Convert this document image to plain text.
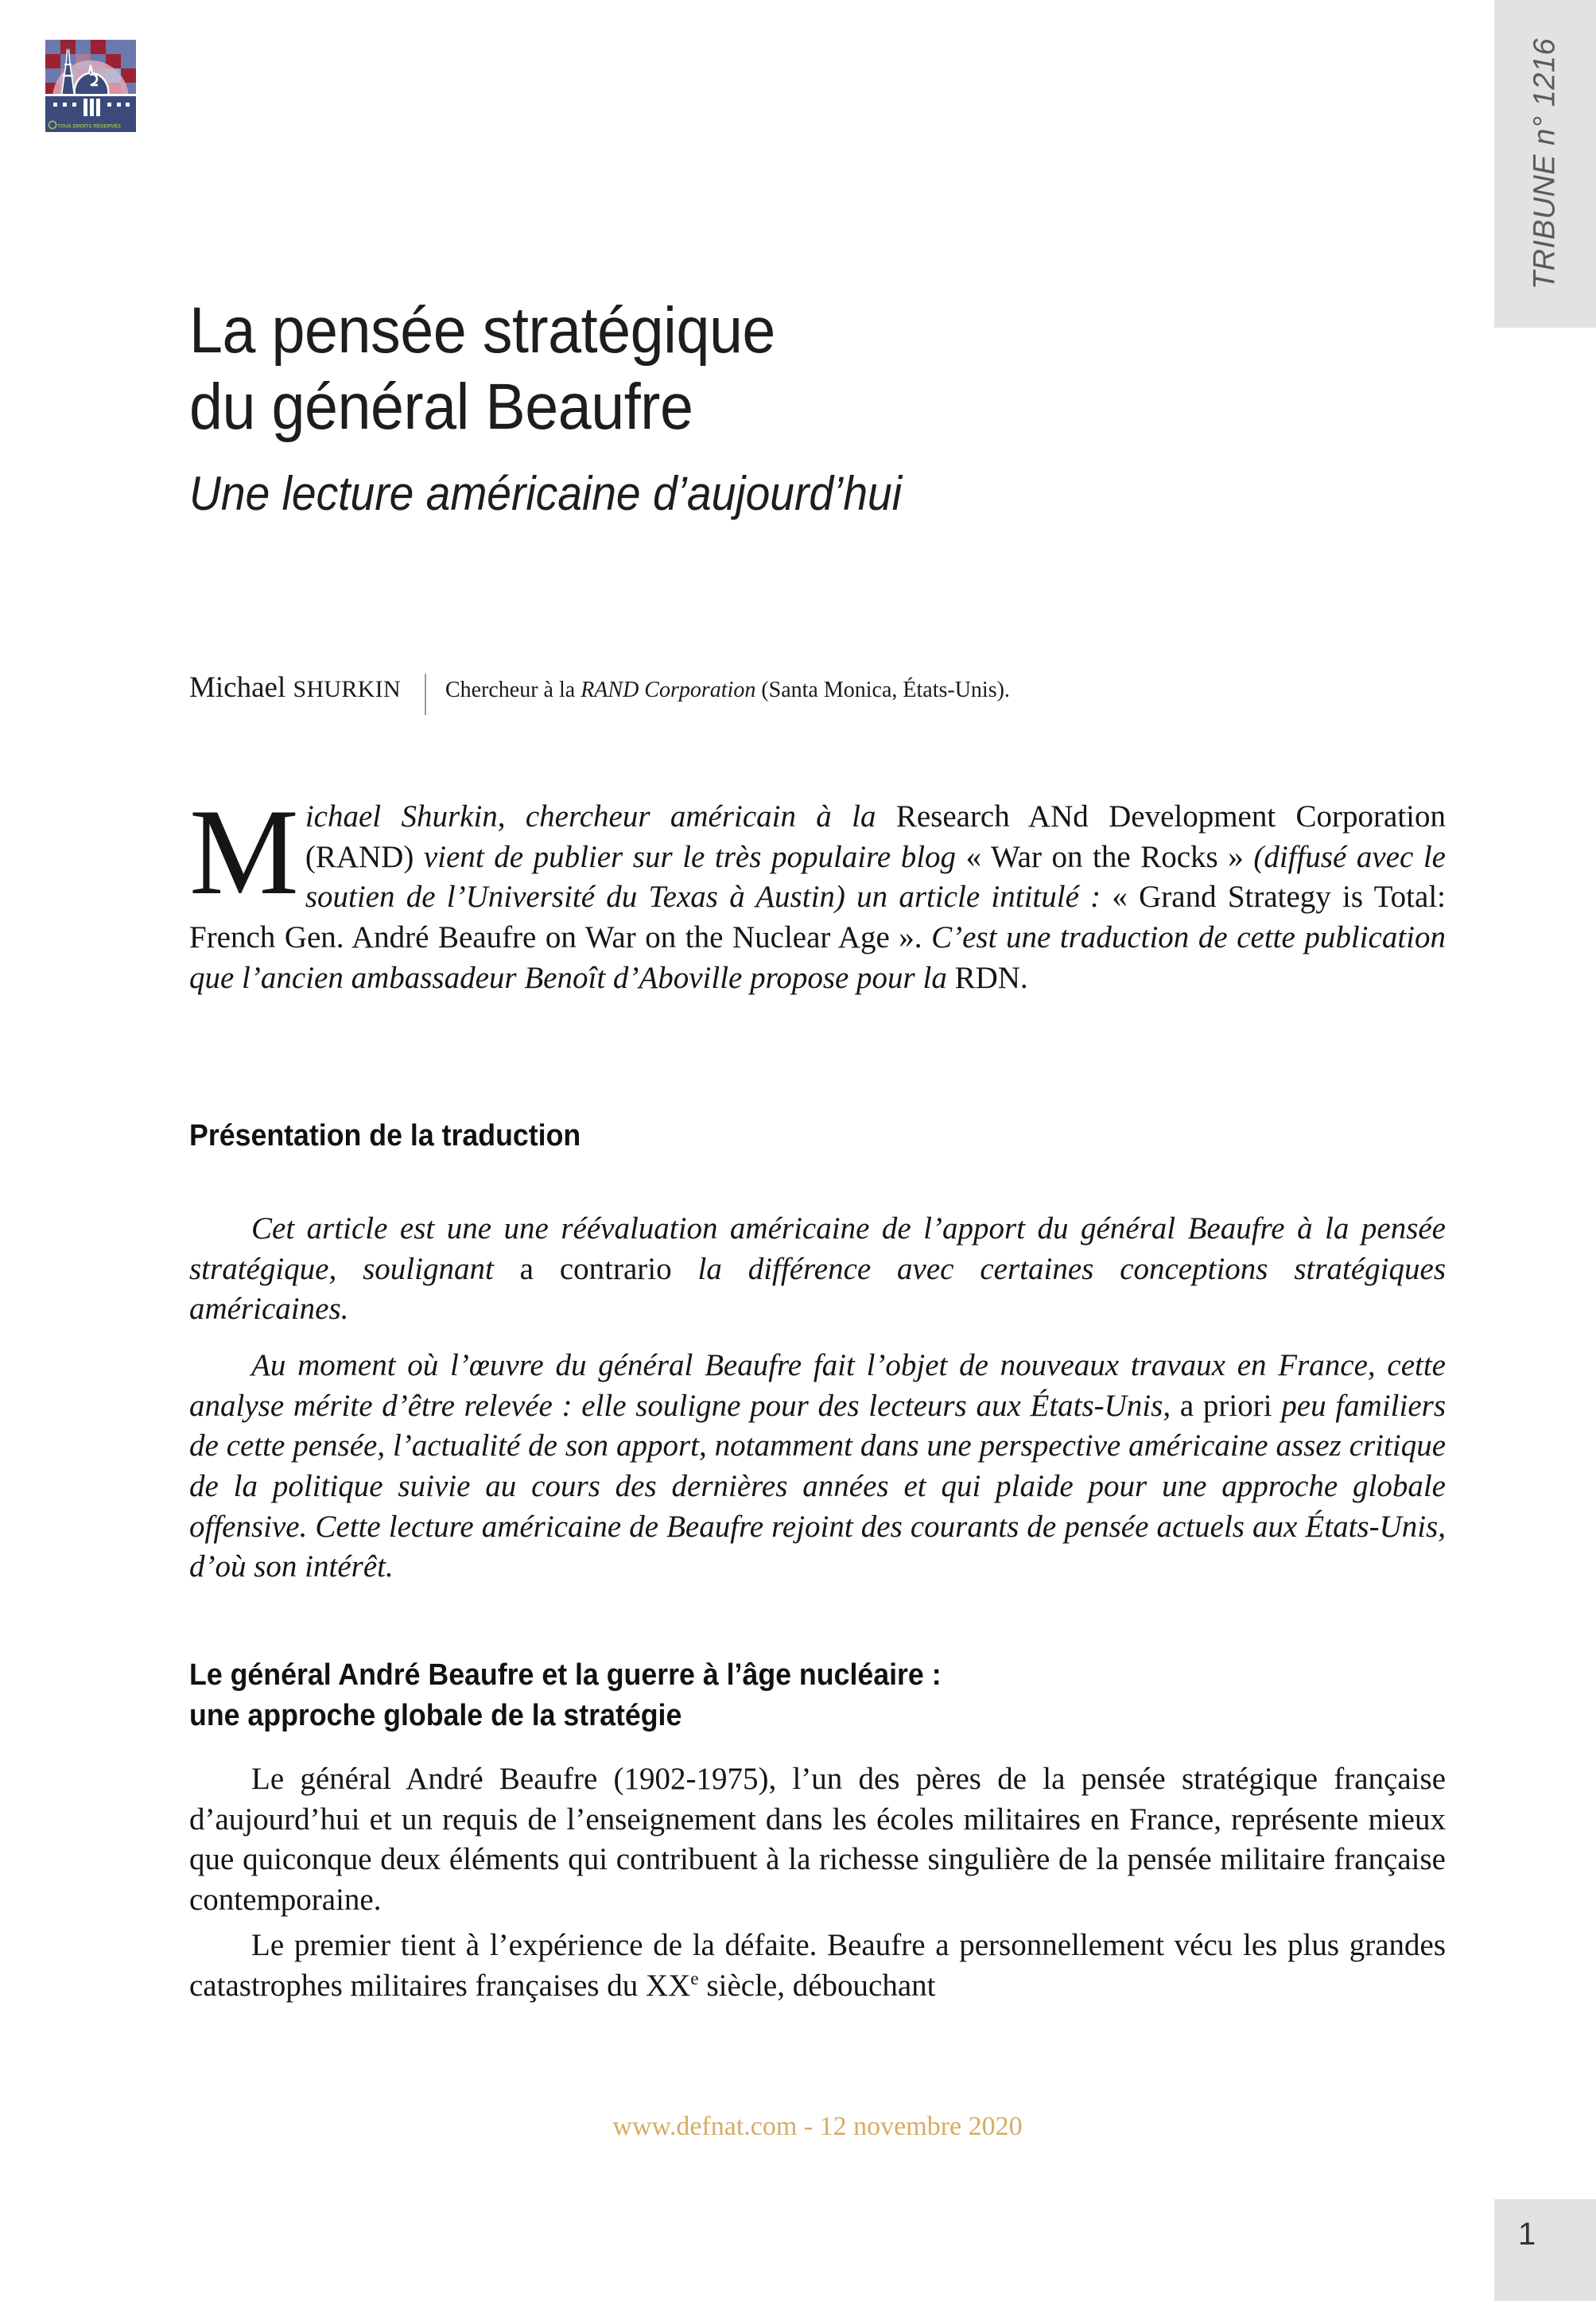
TOUS DROITS RÉSERVÉS	TRIBUNE n° 1216
1
La pensée stratégique
du général Beaufre
Une lecture américaine d’aujourd’hui
Michael SHURKIN Chercheur à la RAND Corporation (Santa Monica, États-Unis).

Michael Shurkin, chercheur américain à la Research ANd Development Corporation (RAND) vient de publier sur le très populaire blog « War on the Rocks » (diffusé avec le soutien de l’Université du Texas à Austin) un article intitulé : « Grand Strategy is Total: French Gen. André Beaufre on War on the Nuclear Age ». C’est une traduction de cette publication que l’ancien ambassadeur Benoît d’Aboville propose pour la RDN.

Présentation de la traduction

Cet article est une une réévaluation américaine de l’apport du général Beaufre à la pensée stratégique, soulignant a contrario la différence avec certaines conceptions stratégiques américaines.

Au moment où l’œuvre du général Beaufre fait l’objet de nouveaux travaux en France, cette analyse mérite d’être relevée : elle souligne pour des lecteurs aux États-Unis, a priori peu familiers de cette pensée, l’actualité de son apport, notamment dans une perspective américaine assez critique de la politique suivie au cours des dernières années et qui plaide pour une approche globale offensive. Cette lecture américaine de Beaufre rejoint des courants de pensée actuels aux États-Unis, d’où son intérêt.

Le général André Beaufre et la guerre à l’âge nucléaire :
une approche globale de la stratégie

Le général André Beaufre (1902-1975), l’un des pères de la pensée stratégique française d’aujourd’hui et un requis de l’enseignement dans les écoles militaires en France, représente mieux que quiconque deux éléments qui contribuent à la richesse singulière de la pensée militaire française contemporaine.

Le premier tient à l’expérience de la défaite. Beaufre a personnellement vécu les plus grandes catastrophes militaires françaises du XXe siècle, débouchant

www.defnat.com - 12 novembre 2020
